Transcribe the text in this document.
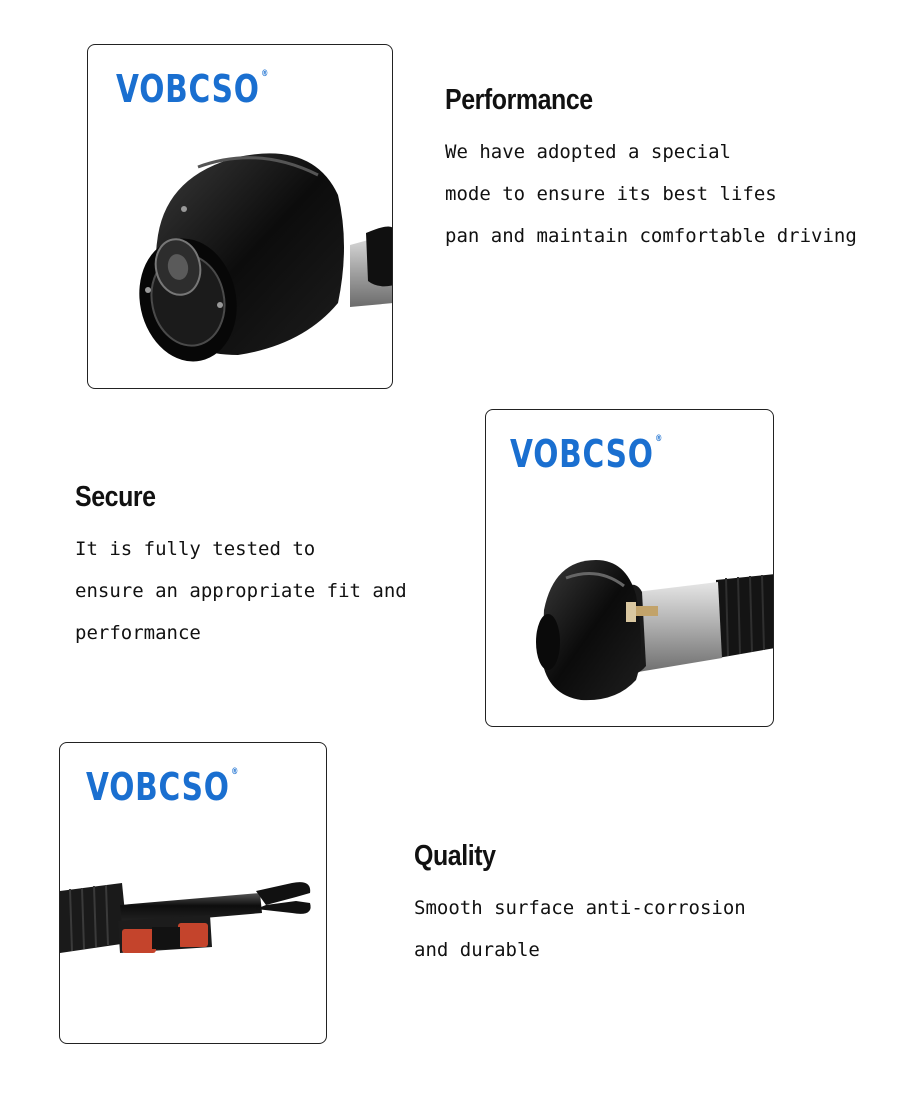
VOBCSO ®
Performance

We have adopted a special
mode to ensure its best lifes
pan and maintain comfortable driving

VOBCSO ®
Secure

It is fully tested to
ensure an appropriate fit and
performance

VOBCSO ®
Quality

Smooth surface anti-corrosion
and durable
